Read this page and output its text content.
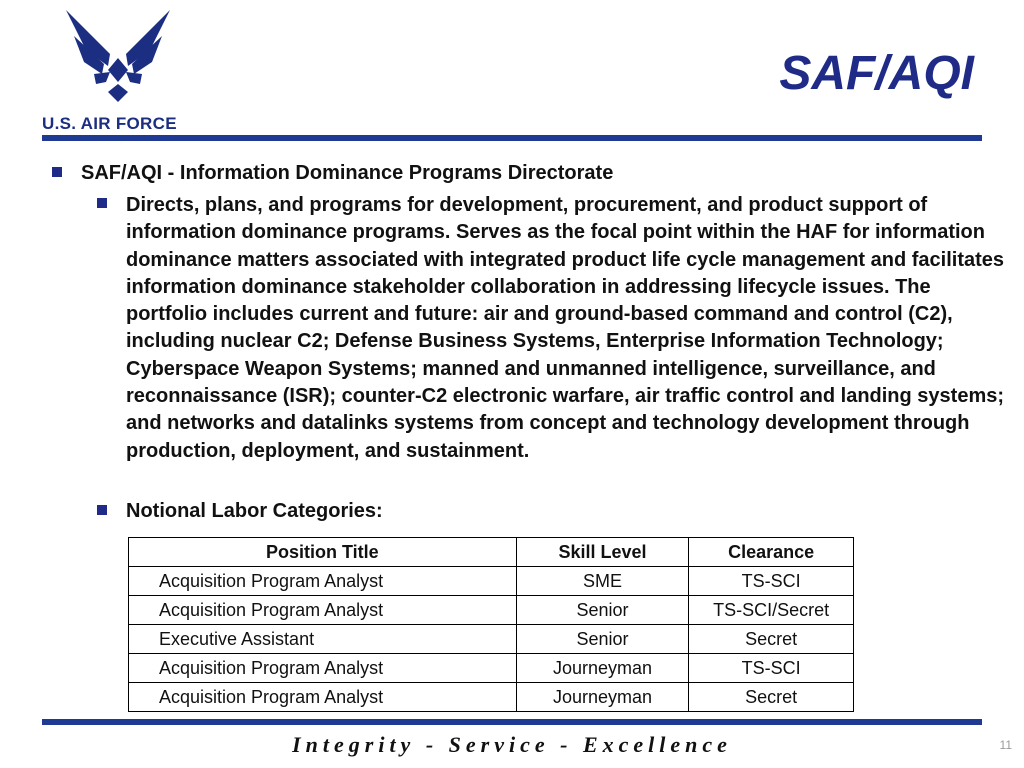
U.S. AIR FORCE
SAF/AQI
SAF/AQI - Information Dominance Programs Directorate
Directs, plans, and programs for development, procurement, and product support of information dominance programs. Serves as the focal point within the HAF for information dominance matters associated with integrated product life cycle management and facilitates information dominance stakeholder collaboration in addressing lifecycle issues. The portfolio includes current and future: air and ground-based command and control (C2), including nuclear C2; Defense Business Systems, Enterprise Information Technology; Cyberspace Weapon Systems; manned and unmanned intelligence, surveillance, and reconnaissance (ISR); counter-C2 electronic warfare, air traffic control and landing systems; and networks and datalinks systems from concept and technology development through production, deployment, and sustainment.
Notional Labor Categories:
Position Title	Skill Level	Clearance
Acquisition Program Analyst	SME	TS-SCI
Acquisition Program Analyst	Senior	TS-SCI/Secret
Executive Assistant	Senior	Secret
Acquisition Program Analyst	Journeyman	TS-SCI
Acquisition Program Analyst	Journeyman	Secret
Integrity - Service - Excellence	11
